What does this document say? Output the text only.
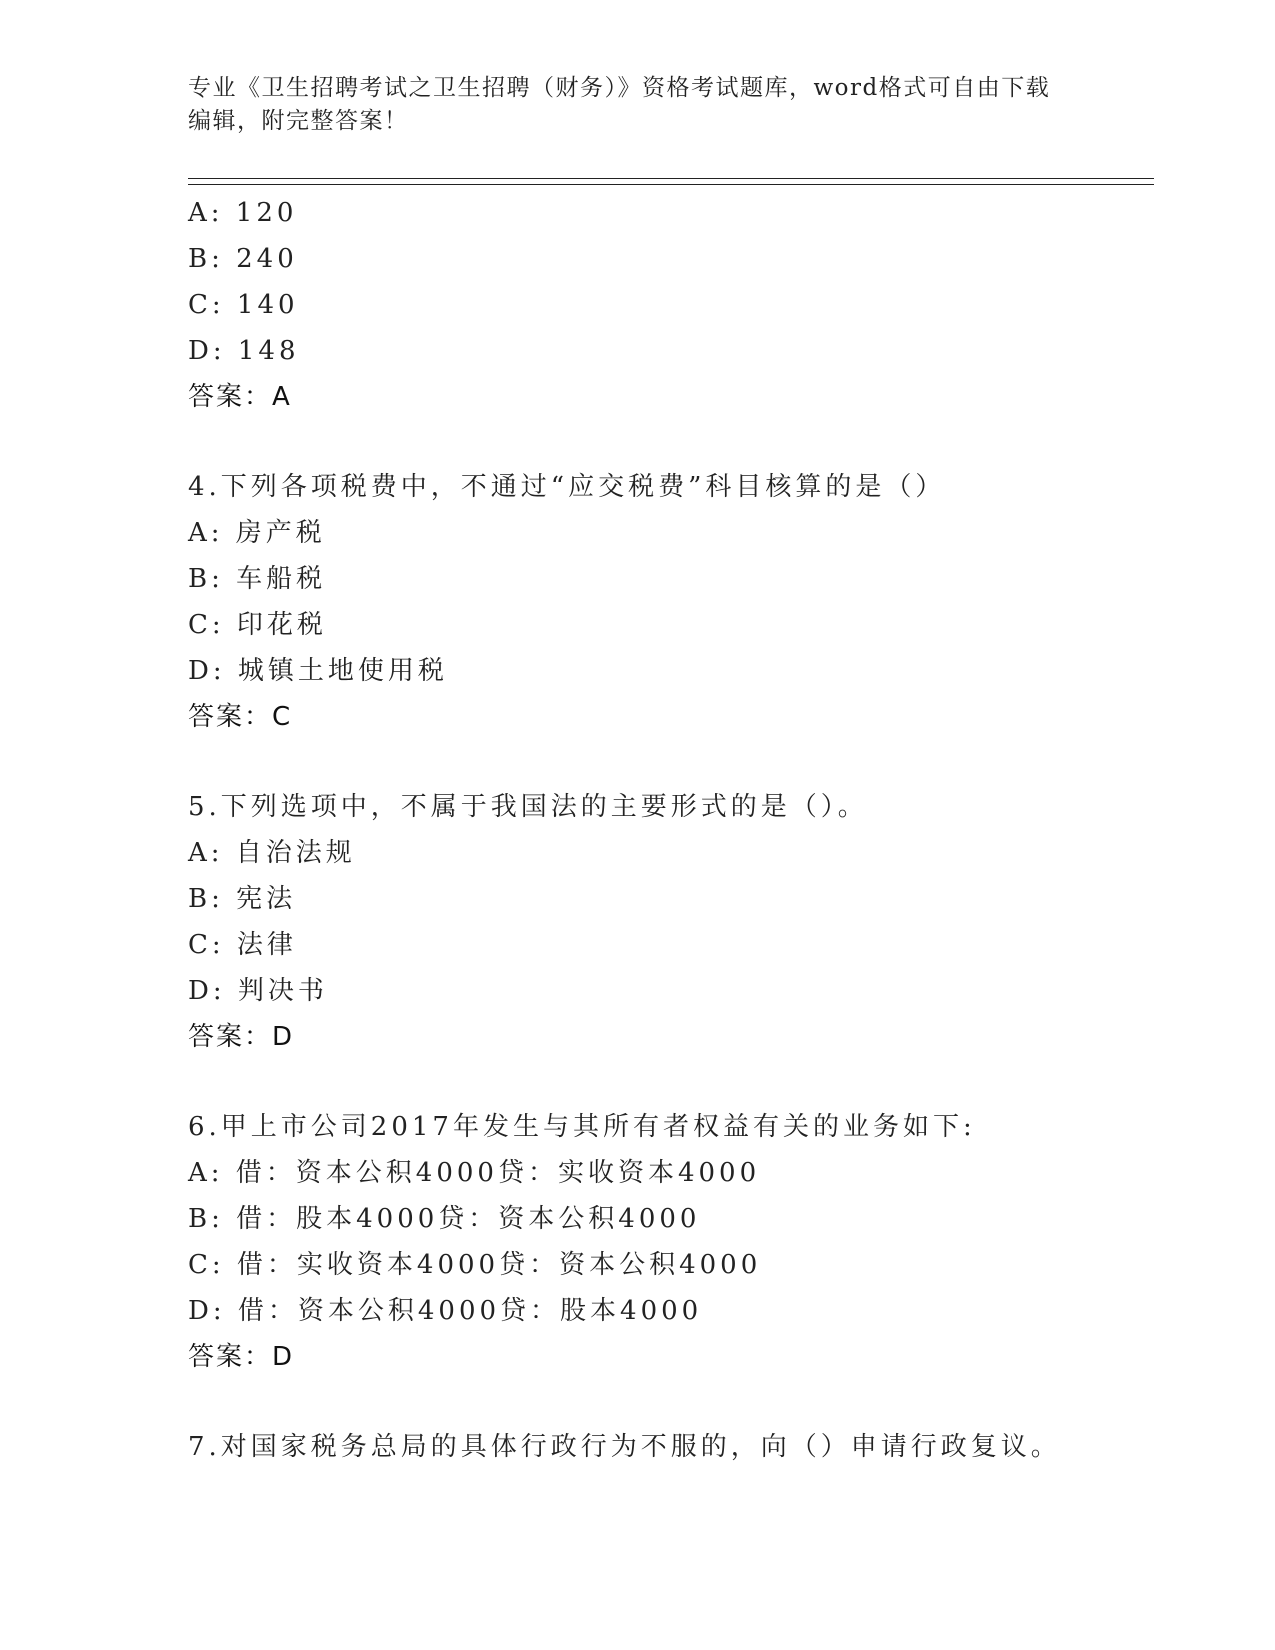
专业《卫生招聘考试之卫生招聘（财务）》资格考试题库，word格式可自由下载
编辑，附完整答案！
A: 120
B: 240
C: 140
D: 148
答案：A
4.下列各项税费中，不通过“应交税费”科目核算的是（）
A: 房产税
B: 车船税
C: 印花税
D: 城镇土地使用税
答案：C
5.下列选项中，不属于我国法的主要形式的是（）。
A: 自治法规
B: 宪法
C: 法律
D: 判决书
答案：D
6.甲上市公司2017年发生与其所有者权益有关的业务如下:
A: 借：资本公积4000贷：实收资本4000
B: 借：股本4000贷：资本公积4000
C: 借：实收资本4000贷：资本公积4000
D: 借：资本公积4000贷：股本4000
答案：D
7.对国家税务总局的具体行政行为不服的，向（）申请行政复议。
